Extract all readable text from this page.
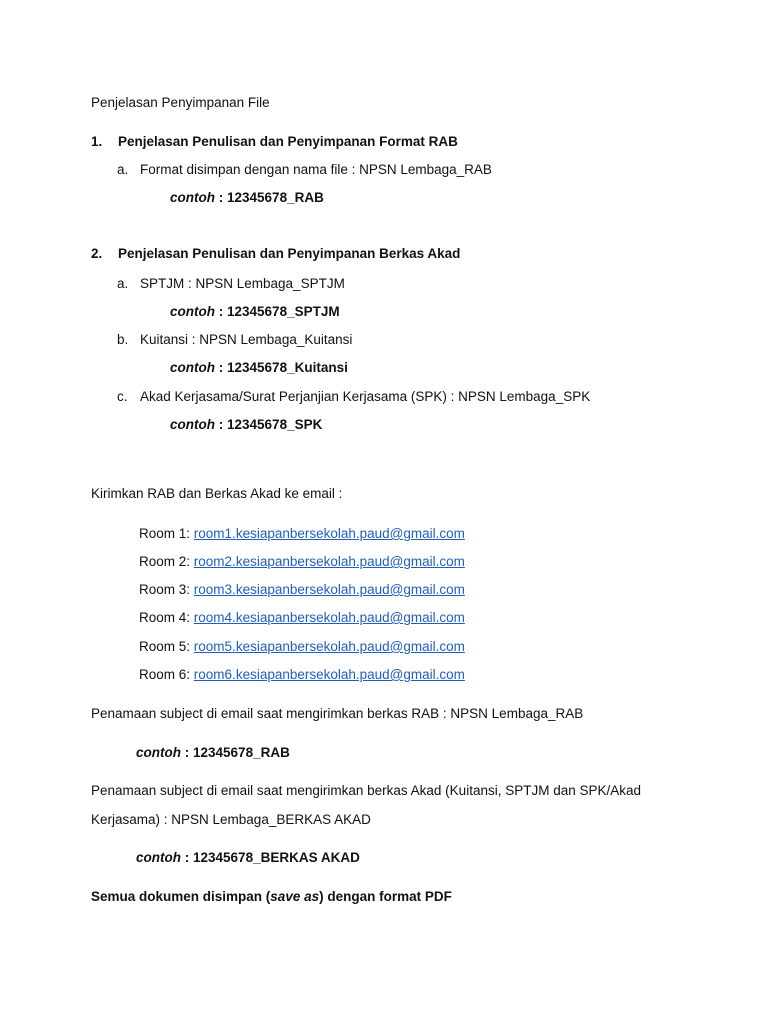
Penjelasan Penyimpanan File
1. Penjelasan Penulisan dan Penyimpanan Format RAB
a. Format disimpan dengan nama file : NPSN Lembaga_RAB
contoh : 12345678_RAB
2. Penjelasan Penulisan dan Penyimpanan Berkas Akad
a. SPTJM : NPSN Lembaga_SPTJM
contoh : 12345678_SPTJM
b. Kuitansi : NPSN Lembaga_Kuitansi
contoh : 12345678_Kuitansi
c. Akad Kerjasama/Surat Perjanjian Kerjasama (SPK) : NPSN Lembaga_SPK
contoh : 12345678_SPK
Kirimkan RAB dan Berkas Akad ke email :
Room 1: room1.kesiapanbersekolah.paud@gmail.com
Room 2: room2.kesiapanbersekolah.paud@gmail.com
Room 3: room3.kesiapanbersekolah.paud@gmail.com
Room 4: room4.kesiapanbersekolah.paud@gmail.com
Room 5: room5.kesiapanbersekolah.paud@gmail.com
Room 6: room6.kesiapanbersekolah.paud@gmail.com
Penamaan subject di email saat mengirimkan berkas RAB : NPSN Lembaga_RAB
contoh : 12345678_RAB
Penamaan subject di email saat mengirimkan berkas Akad (Kuitansi, SPTJM dan SPK/Akad
Kerjasama) : NPSN Lembaga_BERKAS AKAD
contoh : 12345678_BERKAS AKAD
Semua dokumen disimpan (save as) dengan format PDF
